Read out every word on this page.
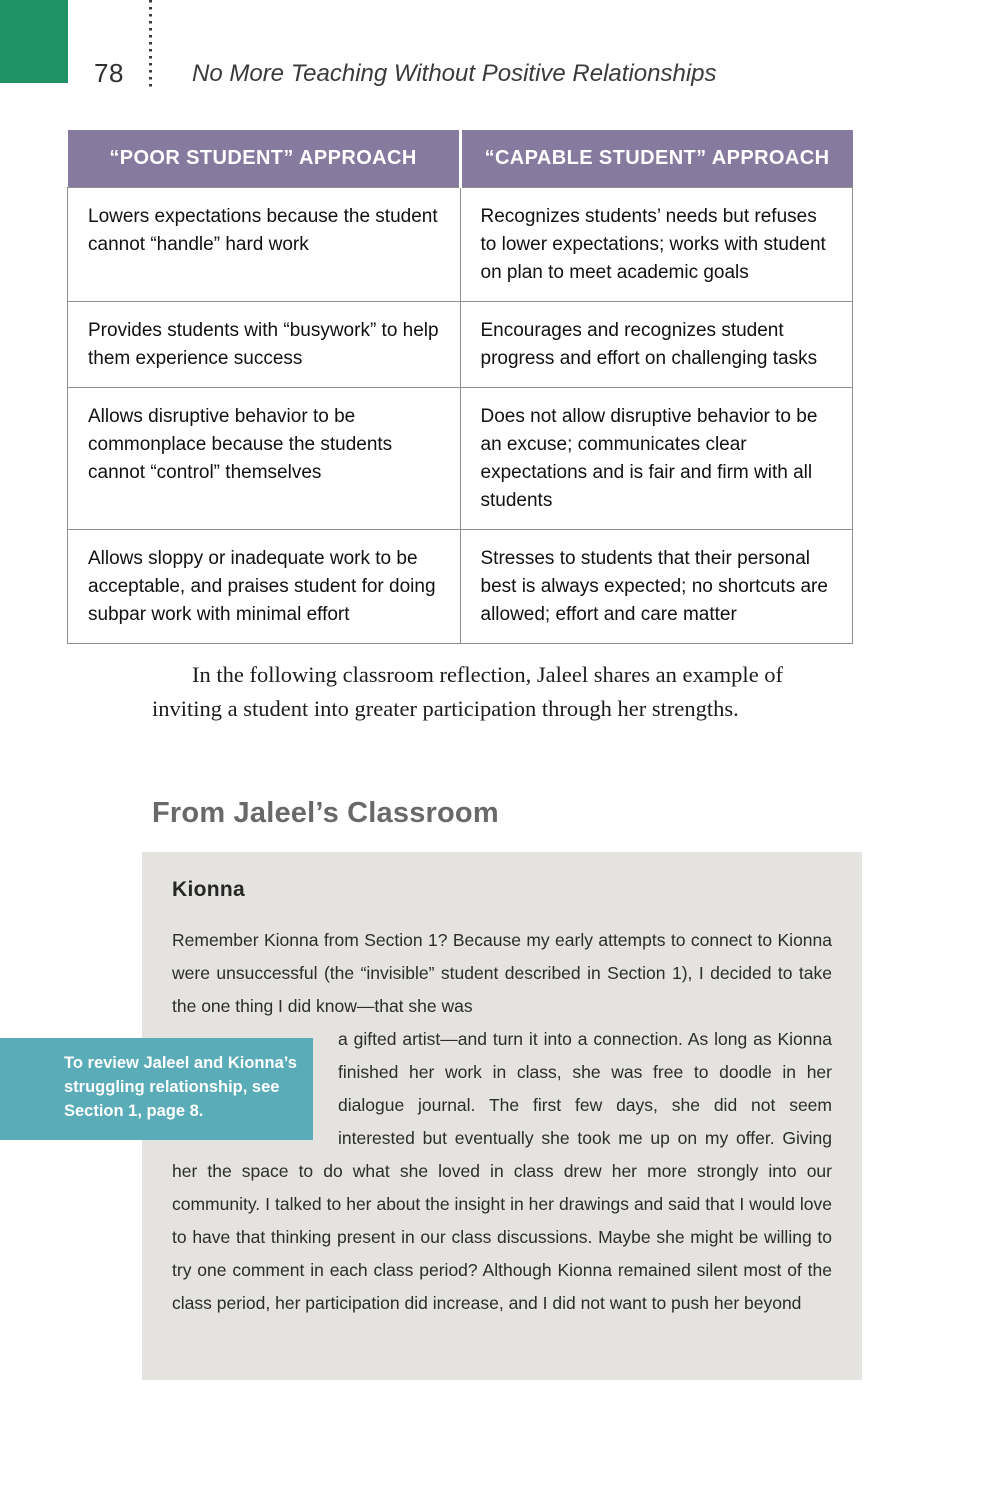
78	No More Teaching Without Positive Relationships
“POOR STUDENT” APPROACH	“CAPABLE STUDENT” APPROACH
Lowers expectations because the student cannot “handle” hard work	Recognizes students’ needs but refuses to lower expectations; works with student on plan to meet academic goals
Provides students with “busywork” to help them experience success	Encourages and recognizes student progress and effort on challenging tasks
Allows disruptive behavior to be commonplace because the students cannot “control” themselves	Does not allow disruptive behavior to be an excuse; communicates clear expectations and is fair and firm with all students
Allows sloppy or inadequate work to be acceptable, and praises student for doing subpar work with minimal effort	Stresses to students that their personal best is always expected; no shortcuts are allowed; effort and care matter

In the following classroom reflection, Jaleel shares an example of inviting a student into greater participation through her strengths.

From Jaleel’s Classroom
Kionna

Remember Kionna from Section 1? Because my early attempts to connect to Kionna were unsuccessful (the “invisible” student described in Section 1), I decided to take the one thing I did know—that she was

a gifted artist—and turn it into a connection. As long as Kionna finished her work in class, she was free to doodle in her dialogue journal. The first few days, she did not seem interested but eventually she took me up on my offer. Giving her the space to do what she loved in class drew her more strongly into our community. I talked to her about the insight in her drawings and said that I would love to have that thinking present in our class discussions. Maybe she might be willing to try one comment in each class period? Although Kionna remained silent most of the class period, her participation did increase, and I did not want to push her beyond

To review Jaleel and Kionna’s
struggling relationship, see
Section 1, page 8.
